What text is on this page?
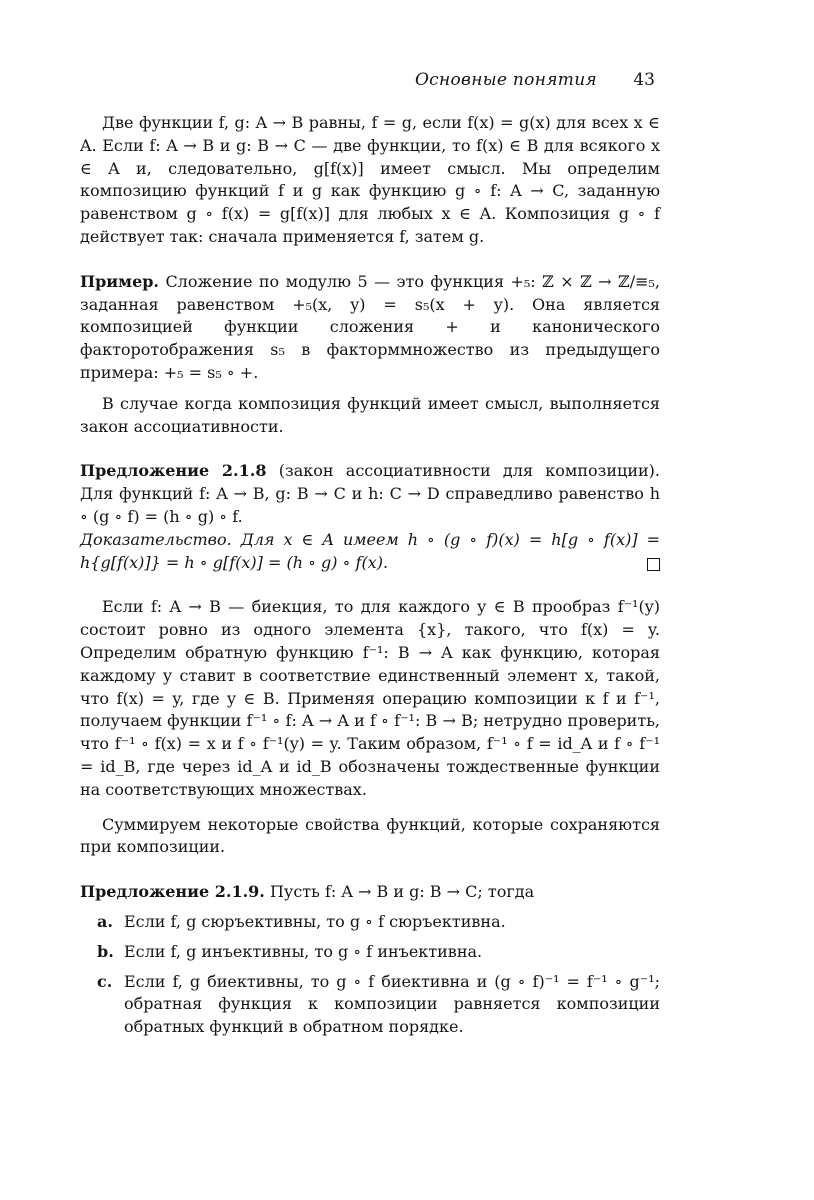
Основные понятия 43

Две функции f, g: A → B равны, f = g, если f(x) = g(x) для всех x ∈ A. Если f: A → B и g: B → C — две функции, то f(x) ∈ B для всякого x ∈ A и, следовательно, g[f(x)] имеет смысл. Мы определим композицию функций f и g как функцию g ∘ f: A → C, заданную равенством g ∘ f(x) = g[f(x)] для любых x ∈ A. Композиция g ∘ f действует так: сначала применяется f, затем g.

Пример. Сложение по модулю 5 — это функция +₅: ℤ × ℤ → ℤ/≡₅, заданная равенством +₅(x, y) = s₅(x + y). Она является композицией функции сложения + и канонического факторотображения s₅ в факторммножество из предыдущего примера: +₅ = s₅ ∘ +.

В случае когда композиция функций имеет смысл, выполняется закон ассоциативности.

Предложение 2.1.8 (закон ассоциативности для композиции). Для функций f: A → B, g: B → C и h: C → D справедливо равенство h ∘ (g ∘ f) = (h ∘ g) ∘ f.

Доказательство. Для x ∈ A имеем h ∘ (g ∘ f)(x) = h[g ∘ f(x)] = h{g[f(x)]} = h ∘ g[f(x)] = (h ∘ g) ∘ f(x).

Если f: A → B — биекция, то для каждого y ∈ B прообраз f⁻¹(y) состоит ровно из одного элемента {x}, такого, что f(x) = y. Определим обратную функцию f⁻¹: B → A как функцию, которая каждому y ставит в соответствие единственный элемент x, такой, что f(x) = y, где y ∈ B. Применяя операцию композиции к f и f⁻¹, получаем функции f⁻¹ ∘ f: A → A и f ∘ f⁻¹: B → B; нетрудно проверить, что f⁻¹ ∘ f(x) = x и f ∘ f⁻¹(y) = y. Таким образом, f⁻¹ ∘ f = id_A и f ∘ f⁻¹ = id_B, где через id_A и id_B обозначены тождественные функции на соответствующих множествах.

Суммируем некоторые свойства функций, которые сохраняются при композиции.

Предложение 2.1.9. Пусть f: A → B и g: B → C; тогда

a. Если f, g сюръективны, то g ∘ f сюръективна.
b. Если f, g инъективны, то g ∘ f инъективна.
c. Если f, g биективны, то g ∘ f биективна и (g ∘ f)⁻¹ = f⁻¹ ∘ g⁻¹; обратная функция к композиции равняется композиции обратных функций в обратном порядке.
